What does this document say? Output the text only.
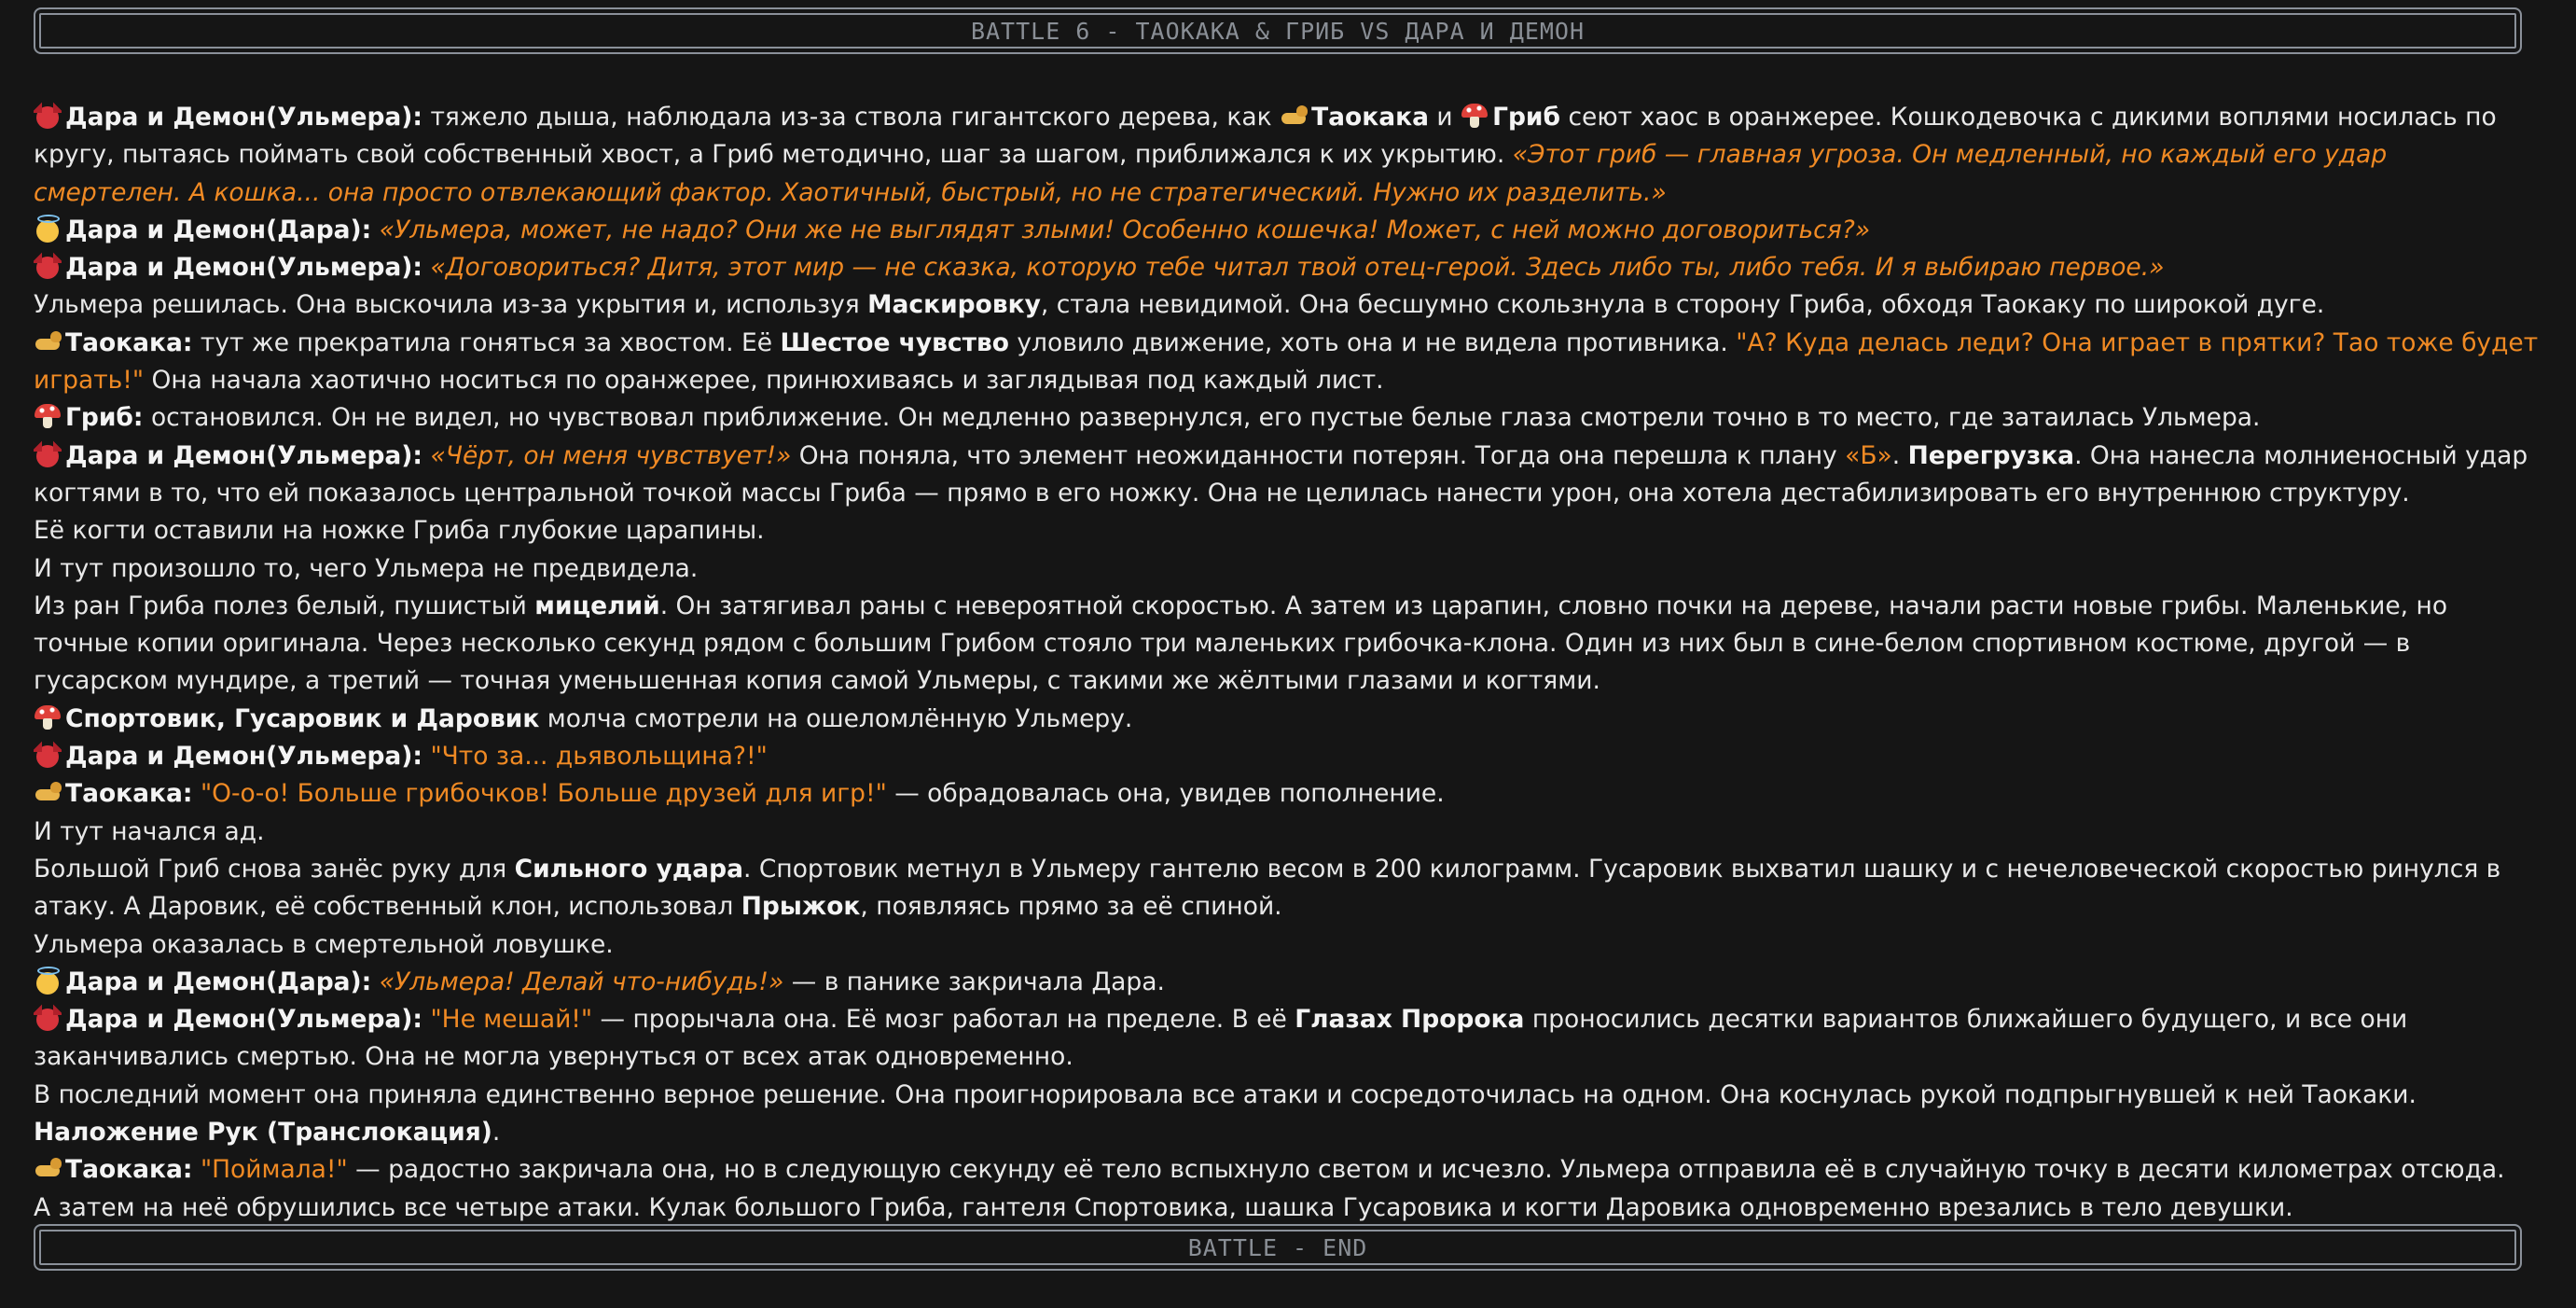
BATTLE 6 - ТАОКАКА & ГРИБ VS ДАРА И ДЕМОН

Дара и Демон(Ульмера): тяжело дыша, наблюдала из-за ствола гигантского дерева, как Таокака и Гриб сеют хаос в оранжерее. Кошкодевочка с дикими воплями носилась по кругу, пытаясь поймать свой собственный хвост, а Гриб методично, шаг за шагом, приближался к их укрытию. «Этот гриб — главная угроза. Он медленный, но каждый его удар смертелен. А кошка... она просто отвлекающий фактор. Хаотичный, быстрый, но не стратегический. Нужно их разделить.»

Дара и Демон(Дара): «Ульмера, может, не надо? Они же не выглядят злыми! Особенно кошечка! Может, с ней можно договориться?»

Дара и Демон(Ульмера): «Договориться? Дитя, этот мир — не сказка, которую тебе читал твой отец-герой. Здесь либо ты, либо тебя. И я выбираю первое.»

Ульмера решилась. Она выскочила из-за укрытия и, используя Маскировку, стала невидимой. Она бесшумно скользнула в сторону Гриба, обходя Таокаку по широкой дуге.

Таокака: тут же прекратила гоняться за хвостом. Её Шестое чувство уловило движение, хоть она и не видела противника. "А? Куда делась леди? Она играет в прятки? Тао тоже будет играть!" Она начала хаотично носиться по оранжерее, принюхиваясь и заглядывая под каждый лист.

Гриб: остановился. Он не видел, но чувствовал приближение. Он медленно развернулся, его пустые белые глаза смотрели точно в то место, где затаилась Ульмера.

Дара и Демон(Ульмера): «Чёрт, он меня чувствует!» Она поняла, что элемент неожиданности потерян. Тогда она перешла к плану «Б». Перегрузка. Она нанесла молниеносный удар когтями в то, что ей показалось центральной точкой массы Гриба — прямо в его ножку. Она не целилась нанести урон, она хотела дестабилизировать его внутреннюю структуру.

Её когти оставили на ножке Гриба глубокие царапины.

И тут произошло то, чего Ульмера не предвидела.

Из ран Гриба полез белый, пушистый мицелий. Он затягивал раны с невероятной скоростью. А затем из царапин, словно почки на дереве, начали расти новые грибы. Маленькие, но точные копии оригинала. Через несколько секунд рядом с большим Грибом стояло три маленьких грибочка-клона. Один из них был в сине-белом спортивном костюме, другой — в гусарском мундире, а третий — точная уменьшенная копия самой Ульмеры, с такими же жёлтыми глазами и когтями.

Спортовик, Гусаровик и Даровик молча смотрели на ошеломлённую Ульмеру.

Дара и Демон(Ульмера): "Что за... дьявольщина?!"

Таокака: "О-о-о! Больше грибочков! Больше друзей для игр!" — обрадовалась она, увидев пополнение.

И тут начался ад.

Большой Гриб снова занёс руку для Сильного удара. Спортовик метнул в Ульмеру гантелю весом в 200 килограмм. Гусаровик выхватил шашку и с нечеловеческой скоростью ринулся в атаку. А Даровик, её собственный клон, использовал Прыжок, появляясь прямо за её спиной.

Ульмера оказалась в смертельной ловушке.

Дара и Демон(Дара): «Ульмера! Делай что-нибудь!» — в панике закричала Дара.

Дара и Демон(Ульмера): "Не мешай!" — прорычала она. Её мозг работал на пределе. В её Глазах Пророка проносились десятки вариантов ближайшего будущего, и все они заканчивались смертью. Она не могла увернуться от всех атак одновременно.

В последний момент она приняла единственно верное решение. Она проигнорировала все атаки и сосредоточилась на одном. Она коснулась рукой подпрыгнувшей к ней Таокаки. Наложение Рук (Транслокация).

Таокака: "Поймала!" — радостно закричала она, но в следующую секунду её тело вспыхнуло светом и исчезло. Ульмера отправила её в случайную точку в десяти километрах отсюда.

А затем на неё обрушились все четыре атаки. Кулак большого Гриба, гантеля Спортовика, шашка Гусаровика и когти Даровика одновременно врезались в тело девушки.

BATTLE - END
